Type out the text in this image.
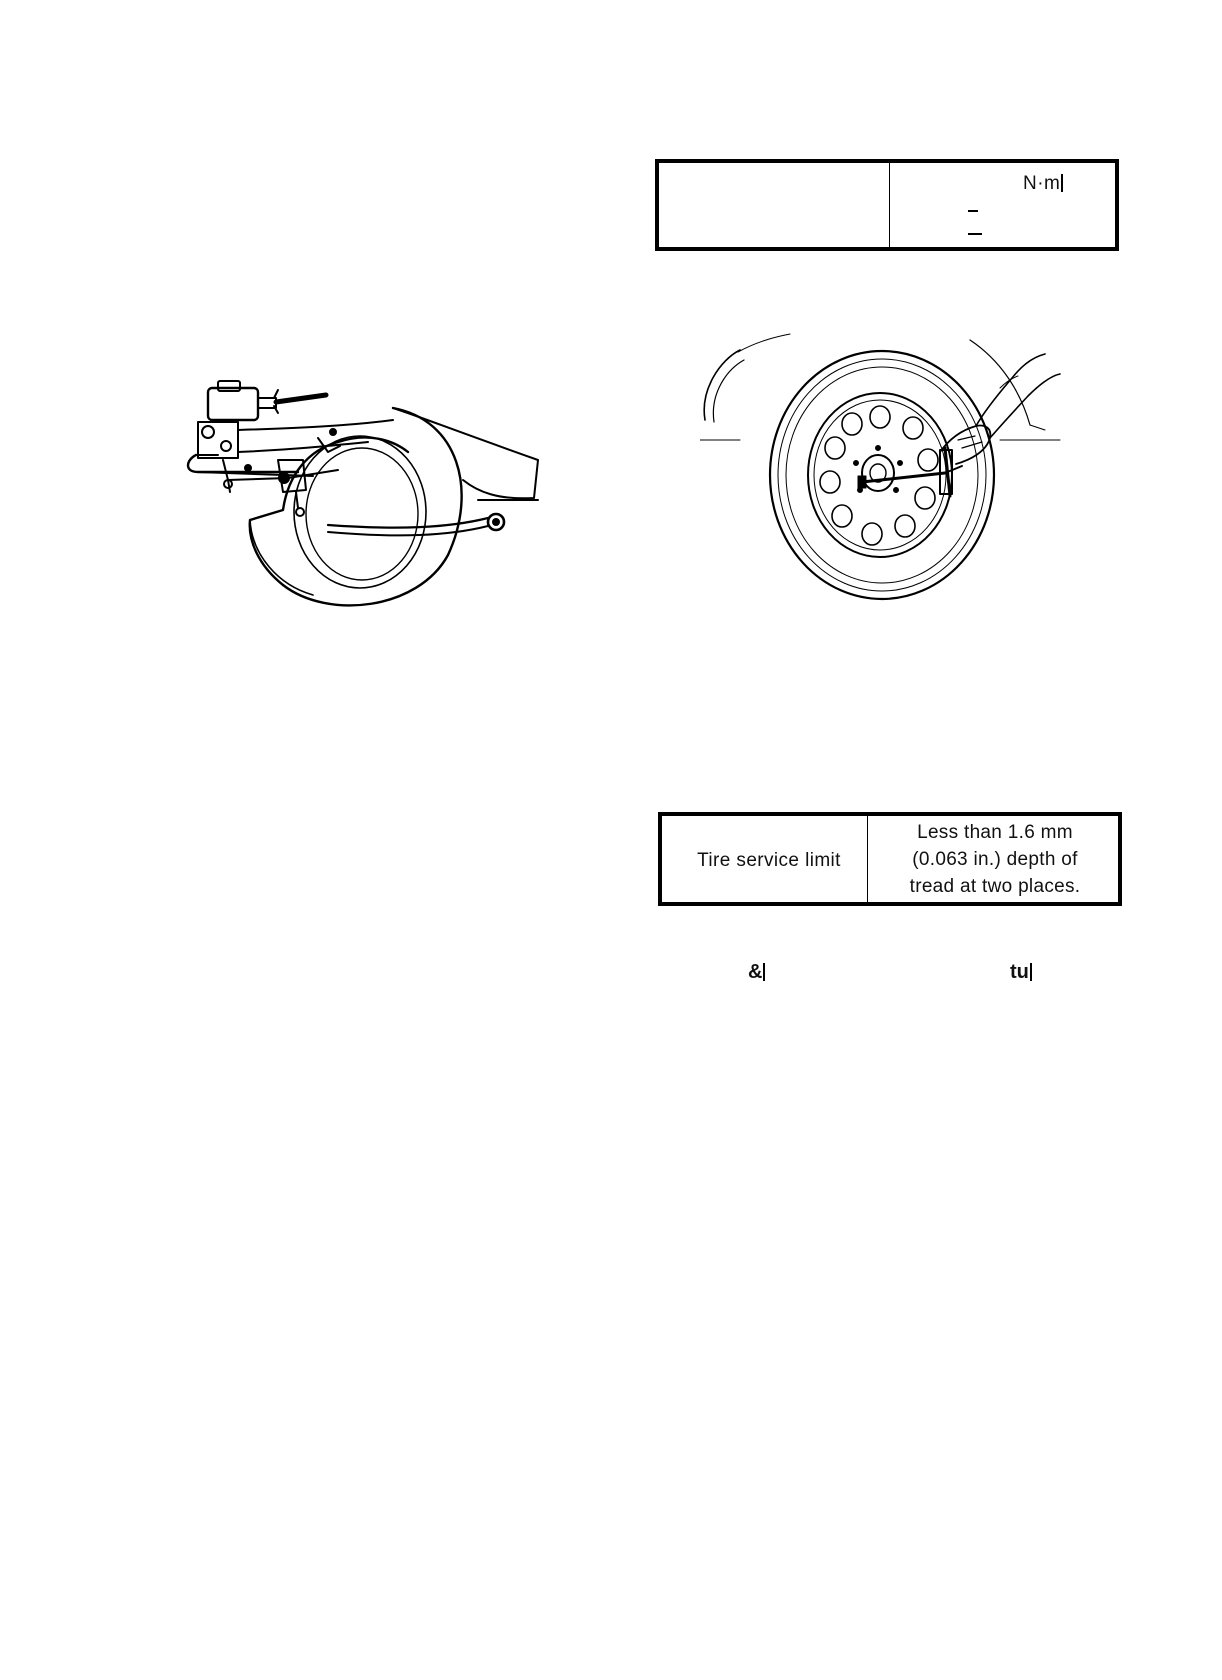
N·m
Tire service limit
Less than 1.6 mm
(0.063 in.) depth of
tread at two places.
&	tu
